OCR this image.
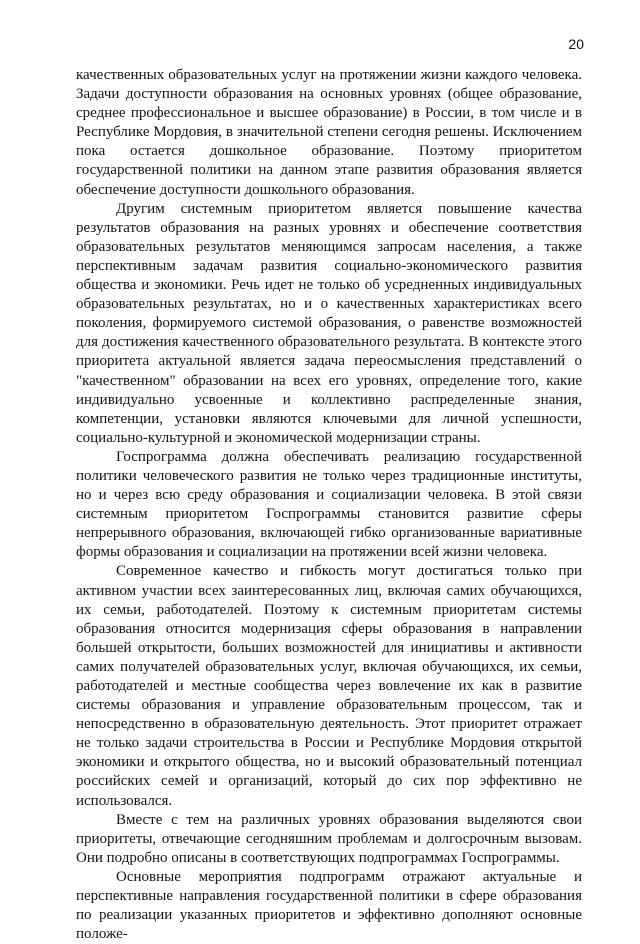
20

качественных образовательных услуг на протяжении жизни каждого человека. Задачи доступности образования на основных уровнях (общее образование, среднее профессиональное и высшее образование) в России, в том числе и в Республике Мордовия, в значительной степени сегодня решены. Исключением пока остается дошкольное образование. Поэтому приоритетом государственной политики на данном этапе развития образования является обеспечение доступности дошкольного образования.

Другим системным приоритетом является повышение качества результатов образования на разных уровнях и обеспечение соответствия образовательных результатов меняющимся запросам населения, а также перспективным задачам развития социально-экономического развития общества и экономики. Речь идет не только об усредненных индивидуальных образовательных результатах, но и о качественных характеристиках всего поколения, формируемого системой образования, о равенстве возможностей для достижения качественного образовательного результата. В контексте этого приоритета актуальной является задача переосмысления представлений о "качественном" образовании на всех его уровнях, определение того, какие индивидуально усвоенные и коллективно распределенные знания, компетенции, установки являются ключевыми для личной успешности, социально-культурной и экономической модернизации страны.

Госпрограмма должна обеспечивать реализацию государственной политики человеческого развития не только через традиционные институты, но и через всю среду образования и социализации человека. В этой связи системным приоритетом Госпрограммы становится развитие сферы непрерывного образования, включающей гибко организованные вариативные формы образования и социализации на протяжении всей жизни человека.

Современное качество и гибкость могут достигаться только при активном участии всех заинтересованных лиц, включая самих обучающихся, их семьи, работодателей. Поэтому к системным приоритетам системы образования относится модернизация сферы образования в направлении большей открытости, больших возможностей для инициативы и активности самих получателей образовательных услуг, включая обучающихся, их семьи, работодателей и местные сообщества через вовлечение их как в развитие системы образования и управление образовательным процессом, так и непосредственно в образовательную деятельность. Этот приоритет отражает не только задачи строительства в России и Республике Мордовия открытой экономики и открытого общества, но и высокий образовательный потенциал российских семей и организаций, который до сих пор эффективно не использовался.

Вместе с тем на различных уровнях образования выделяются свои приоритеты, отвечающие сегодняшним проблемам и долгосрочным вызовам. Они подробно описаны в соответствующих подпрограммах Госпрограммы.

Основные мероприятия подпрограмм отражают актуальные и перспективные направления государственной политики в сфере образования по реализации указанных приоритетов и эффективно дополняют основные положе-
